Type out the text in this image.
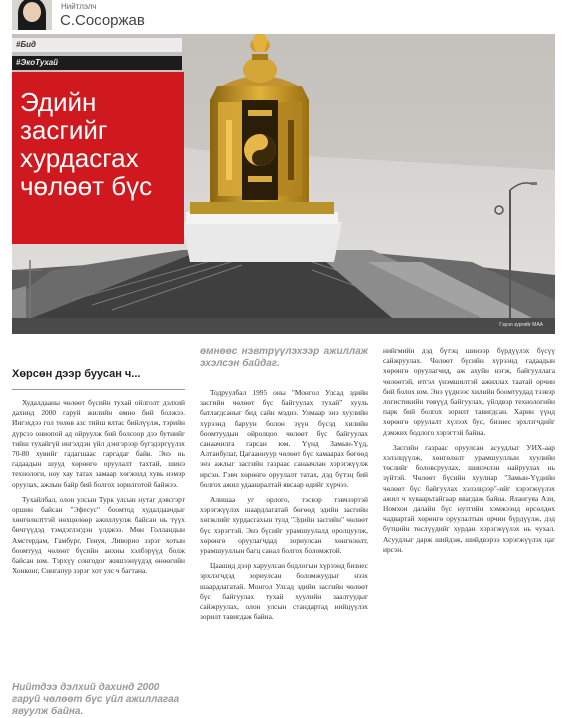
Нийтлэлч
С.Сосоржав
#Бид
#ЭкоТухай
Эдийн засгийг хурдасгах чөлөөт бүс
Гэрэл зургийг МАА
Хөрсөн дээр буусан ч...

Худалдааны чөлөөт бүсийн тухай ойлголт дэлхий дахинд 2000 гаруй жилийн өмнө бий болжээ. Ингэхдээ гол төлөв азс тийш ялтас бийлүүлж, тэрийн дүрсээ ониопой ад ойруулж бий болсоор дээ бутнийг тийш тухайгүй ингэлдэн үйл дэнгэрээр бүгэдэргүүлэх 70-80 хувийг гадагшаас гаргадаг байв. Энэ нь гадаадын шууд хөрөнгө оруулалт тахтай, шинэ технологи, ноу хау татах замаар хөгжилд хувь нэмэр оруулах, ажлын байр бий болгох зорилготой байжээ.

Тухайлбал, олон улсын Турк улсын нутаг дэвсгэрт оршин байсан "Эфесус" боомтод худалдаачдыг хөнгөлөлттэй нөхцөлөөр ажиллуулж байсан нь түүх бичгүүдэд тэмдэглэгдэн үлджээ. Мөн Голландын Амстердам, Гамбург, Генуя, Ливорно зэрэг хотын боомтууд чөлөөт бүсийн анхны хэлбэрүүд болж байсан юм. Тэрхүү сонгодог жишээнүүдэд өнөөгийн Хонконг, Сингапур зэрэг хот улс ч багтана.

Нийтдээ дэлхий дахинд 2000 гаруй чөлөөт бүс үйл ажиллагаа явуулж байна.

өмнөөс нэвтрүүлэхээр ажиллаж эхэлсэн байдаг.

Тодруулбал 1995 оны "Монгол Улсад эдийн засгийн чөлөөт бүс байгуулах тухай" хууль батлагдсаныг бид сайн мэднэ. Улмаар энэ хуулийн хүрээнд баруун болон зүүн бүсэд хилийн боомтуудын ойролцоо чөлөөт бүс байгуулах санаачилга гарсан юм. Үүнд Замын-Үүд, Алтанбулаг, Цагааннуур чөлөөт бүс хамаарах бөгөөд энэ ажлыг засгийн газраас санаачлан хэрэгжүүлж ирсэн. Гэвч хөрөнгө оруулалт татах, дэд бүтэц бий болгох ажил удаашралтай явсаар өдийг хүрчээ.

Алишаа уг орлого, тэсвэр тэвчээртэй хэрэгжүүлэх шаардлагатай бөгөөд эдийн засгийн хөгжлийг хурдасгахын тулд "Эдийн засгийн" чөлөөт бүс хэрэгтэй. Энэ бүсийг урамшуулалд оролцуулж, хөрөнгө оруулагчдад зориулсан хөнгөлөлт, урамшууллын багц санал болгох боломжтой.

Цаашид дээр харуулсан бодлогын хүрээнд бизнес эрхлэгчдэд зориулсан боломжуудыг нээх шаардлагатай. Монгол Улсад эдийн засгийн чөлөөт бүс байгуулах тухай хуулийн заалтуудыг сайжруулах, олон улсын стандартад нийцүүлэх зорилт тавигдаж байна.

нийгмийн дэд бүтэц шинээр бүрдүүлэх бүсүү сайжруулах. Чөлөөт бүсийн хүрээнд гадаадын хөрөнгө оруулагчид, аж ахуйн нэгж, байгууллага чөлөөтэй, итгэл үнэмшилтэй ажиллах таатай орчин бий болох юм. Энэ үүднээс хилийн боомтуудад тээвэр логистикийн төвүүд байгуулах, үйлдвэр технологийн парк бий болгох зорилт тавигдсан. Харин үүнд хөрөнгө оруулалт хүлээх бус, бизнес эрхлэгчдийг дэмжих бодлого хэрэгтэй байна.

Засгийн газраас оруулсан асуудлыг УИХ-аар хэлэлцүүлж, хөнгөлөлт урамшууллын хуулийн төслийг боловсруулах, шинэчлэн найруулах нь зүйтэй. Чөлөөт бүсийн хуулиар "Замын-Үүдийн чөлөөт бүс байгуулах хэлэлцээр"-ийг хэрэгжүүлэх ажил ч хуваарьтайгаар явагдаж байна. Ялангуяа Ази, Номхон далайн бүс нутгийн хэмжээнд өрсөлдөх чадвартай хөрөнгө оруулалтын орчин бүрдүүлж, дэд бүтцийн төслүүдийг хурдан хэрэгжүүлэх нь чухал. Асуудлыг дарж шийдэж, шийдвэрээ хэрэгжүүлэх цаг ирсэн.
